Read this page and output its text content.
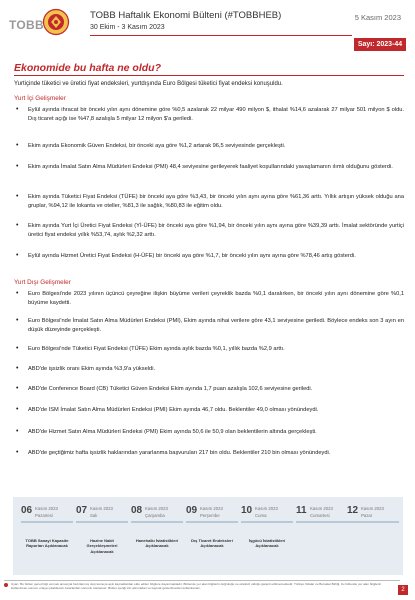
TOBB
TOBB Haftalık Ekonomi Bülteni (#TOBBHEB)
30 Ekim - 3 Kasım 2023
5 Kasım 2023
Sayı: 2023-44
Ekonomide bu hafta ne oldu?
Yurtiçinde tüketici ve üretici fiyat endeksleri, yurtdışında Euro Bölgesi tüketici fiyat endeksi konuşuldu.
Yurt İçi Gelişmeler
• Eylül ayında ihracat bir önceki yılın aynı dönemine göre %0,5 azalarak 22 milyar 490 milyon $, ithalat %14,6 azalarak 27 milyar 501 milyon $ oldu. Dış ticaret açığı ise %47,8 azalışla 5 milyar 12 milyon $'a geriledi.
• Ekim ayında Ekonomik Güven Endeksi, bir önceki aya göre %1,2 artarak 96,5 seviyesinde gerçekleşti.
• Ekim ayında İmalat Satın Alma Müdürleri Endeksi (PMI) 48,4 seviyesine gerileyerek faaliyet koşullarındaki yavaşlamanın ılımlı olduğunu gösterdi.
• Ekim ayında Tüketici Fiyat Endeksi (TÜFE) bir önceki aya göre %3,43, bir önceki yılın aynı ayına göre %61,36 arttı. Yıllık artışın yüksek olduğu ana gruplar, %94,12 ile lokanta ve oteller, %81,3 ile sağlık, %80,83 ile eğitim oldu.
• Ekim ayında Yurt İçi Üretici Fiyat Endeksi (Yİ-ÜFE) bir önceki aya göre %1,94, bir önceki yılın aynı ayına göre %39,39 arttı. İmalat sektöründe yurtiçi üretici fiyat endeksi yıllık %53,74, aylık %2,32 arttı.
• Eylül ayında Hizmet Üretici Fiyat Endeksi (H-ÜFE) bir önceki aya göre %1,7, bir önceki yılın aynı ayına göre %78,46 artış gösterdi.
Yurt Dışı Gelişmeler
• Euro Bölgesi'nde 2023 yılının üçüncü çeyreğine ilişkin büyüme verileri çeyreklik bazda %0,1 daralırken, bir önceki yılın aynı dönemine göre %0,1 büyüme kaydetti.
• Euro Bölgesi'nde İmalat Satın Alma Müdürleri Endeksi (PMI), Ekim ayında nihai verilere göre 43,1 seviyesine geriledi. Böylece endeks son 3 ayın en düşük düzeyinde gerçekleşti.
• Euro Bölgesi'nde Tüketici Fiyat Endeksi (TÜFE) Ekim ayında aylık bazda %0,1, yıllık bazda %2,9 arttı.
• ABD'de işsizlik oranı Ekim ayında %3,9'a yükseldi.
• ABD'de Conference Board (CB) Tüketici Güven Endeksi Ekim ayında 1,7 puan azalışla 102,6 seviyesine geriledi.
• ABD'de ISM İmalat Satın Alma Müdürleri Endeksi (PMI) Ekim ayında 46,7 oldu. Beklentiler 49,0 olması yönündeydi.
• ABD'de Hizmet Satın Alma Müdürleri Endeksi (PMI) Ekim ayında 50,6 ile 50,9 olan beklentilerin altında gerçekleşti.
• ABD'de geçtiğimiz hafta işsizlik haklarından yararlanma başvuruları 217 bin oldu. Beklentiler 210 bin olması yönündeydi.
06 Kasım 2023
Pazartesi 07 Kasım 2023
Salı	08 Kasım 2023
Çarşamba 09 Kasım 2023
Perşembe 10 Kasım 2023
Cuma	11 Kasım 2023
Cumartesi 12 Kasım 2023
Pazar
TOBB Sanayi Kapasite Raporları Açıklanacak
Hazine Nakit Gerçekleşmeleri Açıklanacak
Hanehalkı İstatistikleri Açıklanacak
Dış Ticaret Endeksleri Açıklanacak
İşgücü İstatistikleri Açıklanacak
Uyarı: Bu bülten genel bilgi vermek amacıyla hazırlanmış olup kamuya açık kaynaklardan elde edilen bilgilere dayanmaktadır. Bültende yer alan bilgilerin doğruluğu ve eksiksiz olduğu garanti edilmemektedir. Türkiye Odalar ve Borsalar Birliği, bu bültende yer alan bilgilerin kullanılması sonucu ortaya çıkabilecek zararlardan sorumlu tutulamaz. Bülten içeriği izin alınmadan ve kaynak gösterilmeden kullanılamaz.	2
